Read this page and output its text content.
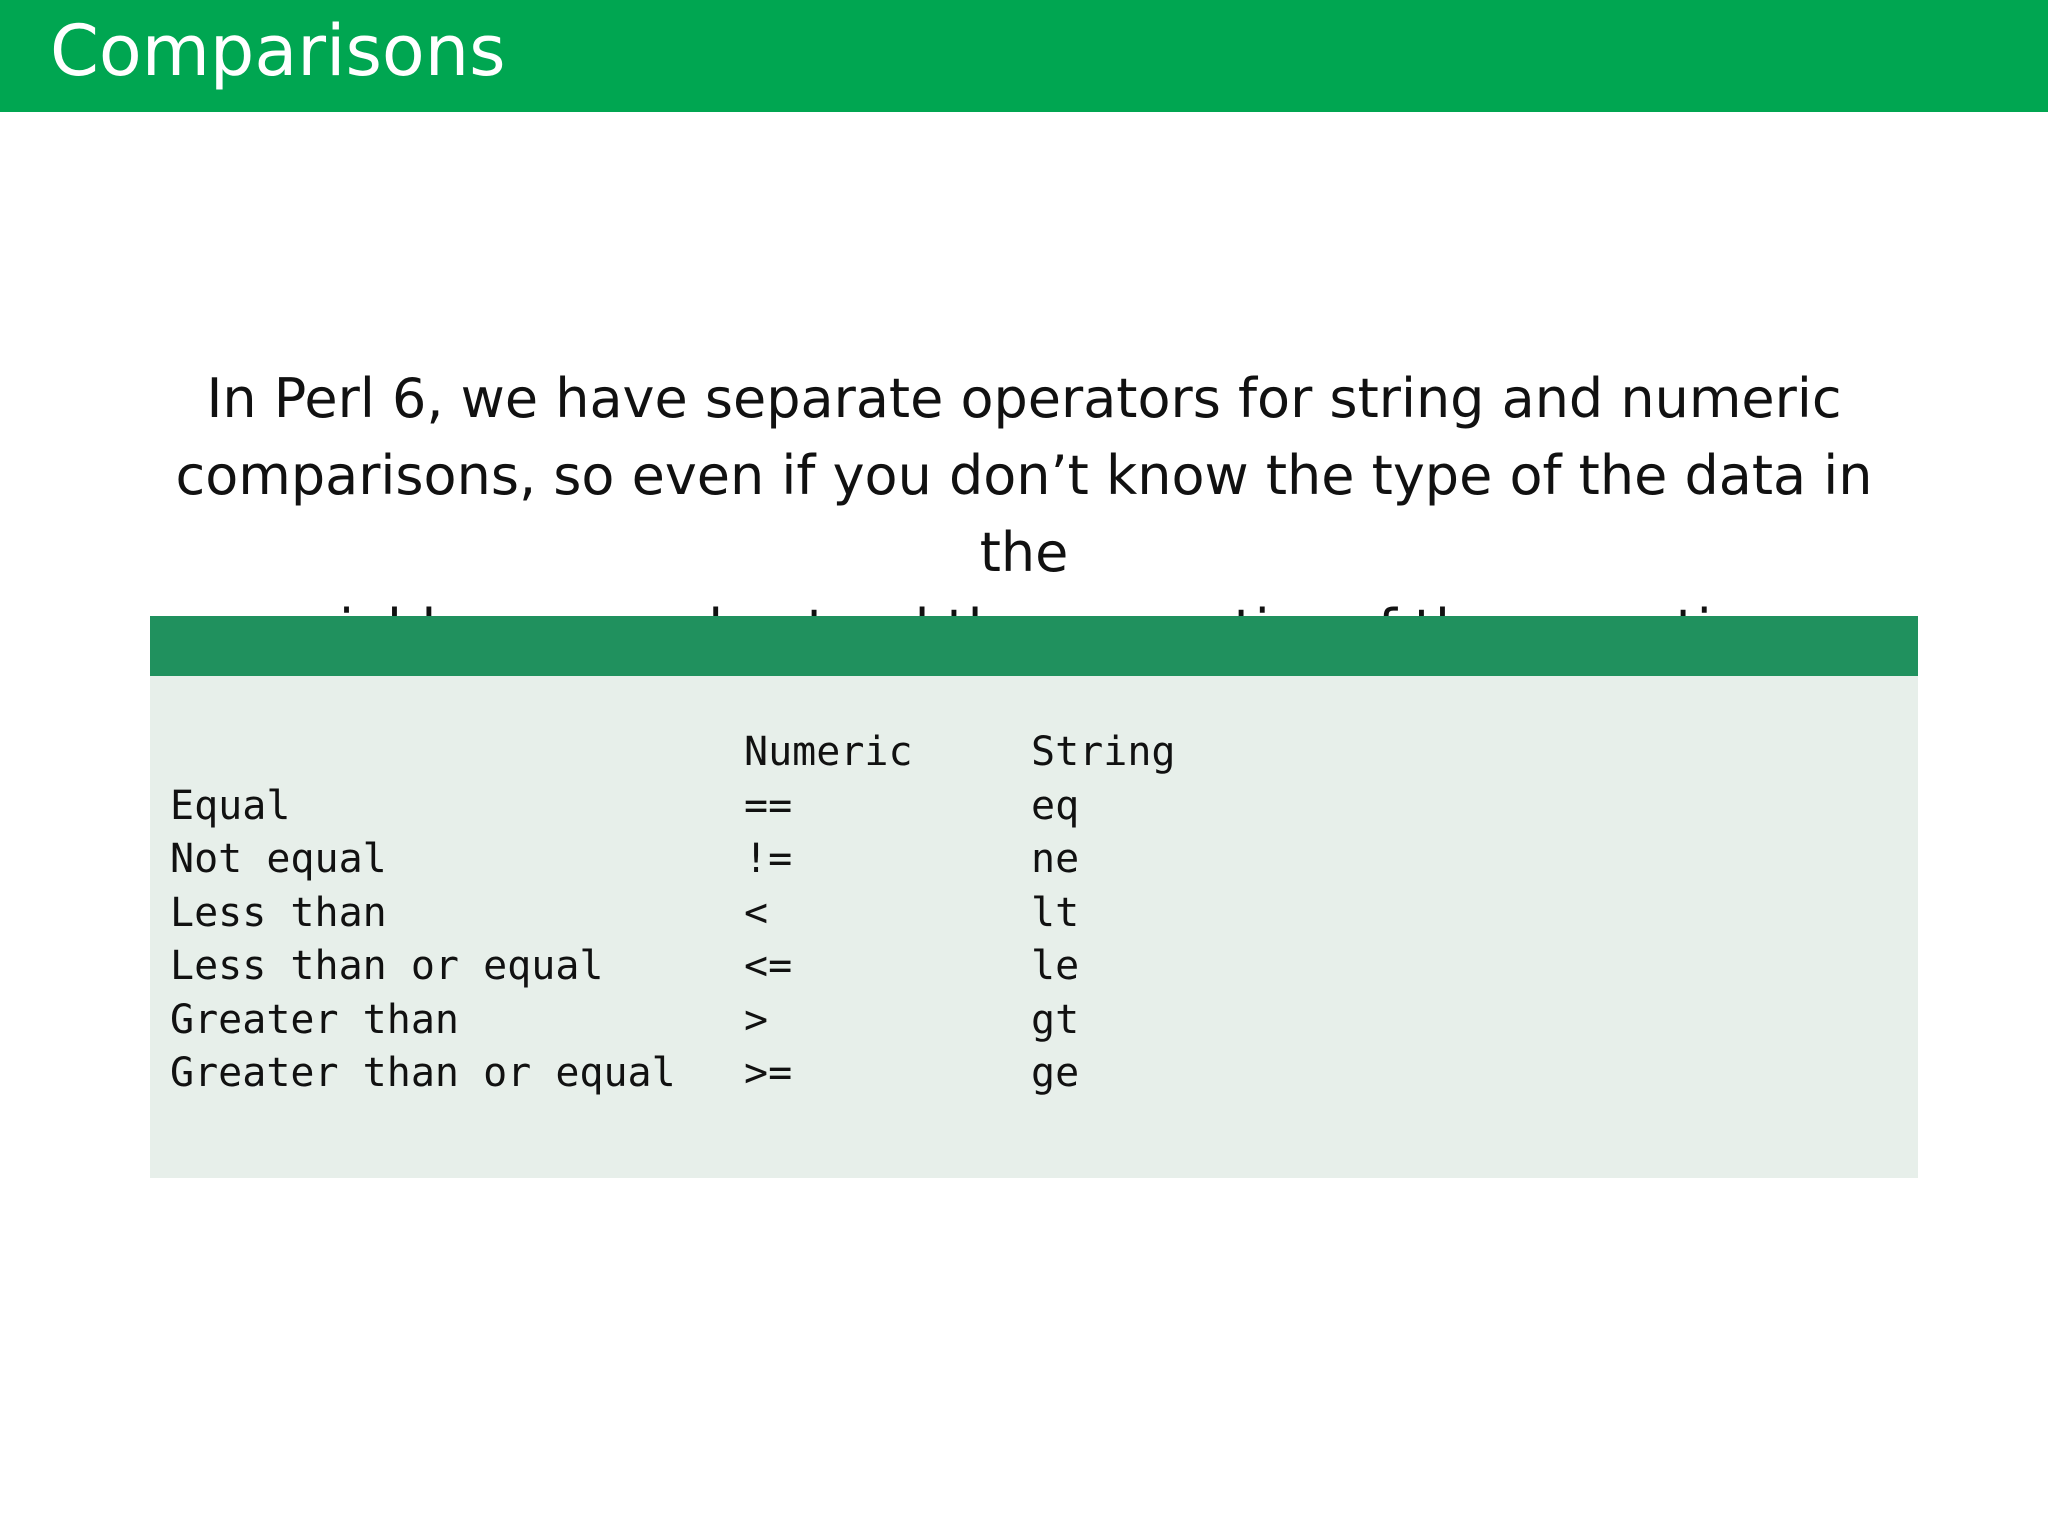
Comparisons

In Perl 6, we have separate operators for string and numeric
comparisons, so even if you don’t know the type of the data in the

	Numeric	String
Equal	==	eq
Not equal	!=	ne
Less than	<	lt
Less than or equal	<=	le
Greater than	>	gt
Greater than or equal	>=	ge
